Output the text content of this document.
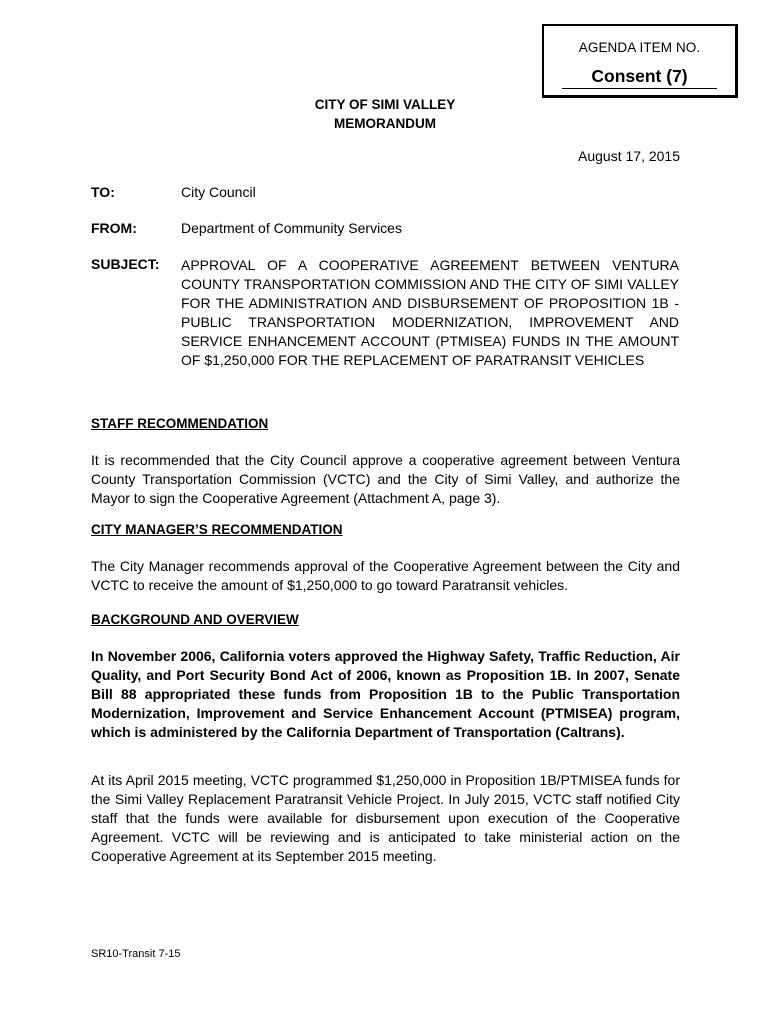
AGENDA ITEM NO.
Consent (7)
CITY OF SIMI VALLEY
MEMORANDUM
August 17, 2015
TO:	City Council
FROM:	Department of Community Services
SUBJECT: APPROVAL OF A COOPERATIVE AGREEMENT BETWEEN VENTURA COUNTY TRANSPORTATION COMMISSION AND THE CITY OF SIMI VALLEY FOR THE ADMINISTRATION AND DISBURSEMENT OF PROPOSITION 1B - PUBLIC TRANSPORTATION MODERNIZATION, IMPROVEMENT AND SERVICE ENHANCEMENT ACCOUNT (PTMISEA) FUNDS IN THE AMOUNT OF $1,250,000 FOR THE REPLACEMENT OF PARATRANSIT VEHICLES
STAFF RECOMMENDATION
It is recommended that the City Council approve a cooperative agreement between Ventura County Transportation Commission (VCTC) and the City of Simi Valley, and authorize the Mayor to sign the Cooperative Agreement (Attachment A, page 3).
CITY MANAGER’S RECOMMENDATION
The City Manager recommends approval of the Cooperative Agreement between the City and VCTC to receive the amount of $1,250,000 to go toward Paratransit vehicles.
BACKGROUND AND OVERVIEW
In November 2006, California voters approved the Highway Safety, Traffic Reduction, Air Quality, and Port Security Bond Act of 2006, known as Proposition 1B. In 2007, Senate Bill 88 appropriated these funds from Proposition 1B to the Public Transportation Modernization, Improvement and Service Enhancement Account (PTMISEA) program, which is administered by the California Department of Transportation (Caltrans).
At its April 2015 meeting, VCTC programmed $1,250,000 in Proposition 1B/PTMISEA funds for the Simi Valley Replacement Paratransit Vehicle Project. In July 2015, VCTC staff notified City staff that the funds were available for disbursement upon execution of the Cooperative Agreement. VCTC will be reviewing and is anticipated to take ministerial action on the Cooperative Agreement at its September 2015 meeting.
SR10-Transit 7-15
